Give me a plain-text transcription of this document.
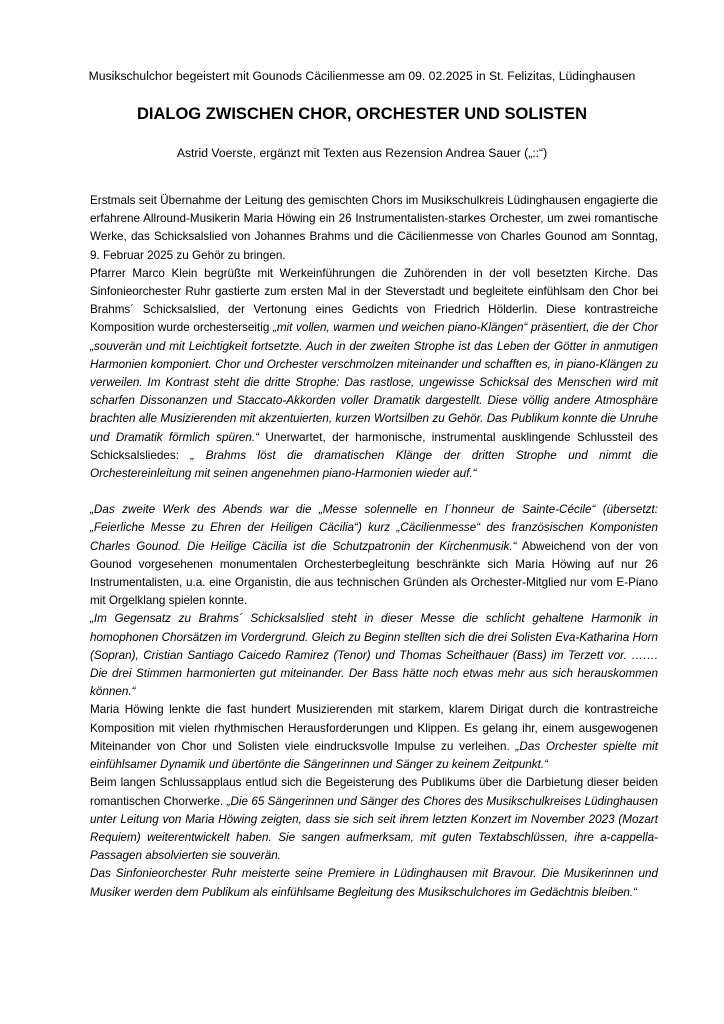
Musikschulchor begeistert mit Gounods Cäcilienmesse am 09. 02.2025 in St. Felizitas, Lüdinghausen
DIALOG ZWISCHEN CHOR, ORCHESTER UND SOLISTEN
Astrid Voerste, ergänzt mit Texten aus Rezension Andrea Sauer („::“)

Erstmals seit Übernahme der Leitung des gemischten Chors im Musikschulkreis Lüdinghausen engagierte die erfahrene Allround-Musikerin Maria Höwing ein 26 Instrumentalisten-starkes Orchester, um zwei romantische Werke, das Schicksalslied von Johannes Brahms und die Cäcilienmesse von Charles Gounod am Sonntag, 9. Februar 2025 zu Gehör zu bringen.

Pfarrer Marco Klein begrüßte mit Werkeinführungen die Zuhörenden in der voll besetzten Kirche. Das Sinfonieorchester Ruhr gastierte zum ersten Mal in der Steverstadt und begleitete einfühlsam den Chor bei Brahms´ Schicksalslied, der Vertonung eines Gedichts von Friedrich Hölderlin. Diese kontrastreiche Komposition wurde orchesterseitig „mit vollen, warmen und weichen piano-Klängen“ präsentiert, die der Chor „souverän und mit Leichtigkeit fortsetzte. Auch in der zweiten Strophe ist das Leben der Götter in anmutigen Harmonien komponiert. Chor und Orchester verschmolzen miteinander und schafften es, in piano-Klängen zu verweilen. Im Kontrast steht die dritte Strophe: Das rastlose, ungewisse Schicksal des Menschen wird mit scharfen Dissonanzen und Staccato-Akkorden voller Dramatik dargestellt. Diese völlig andere Atmosphäre brachten alle Musizierenden mit akzentuierten, kurzen Wortsilben zu Gehör. Das Publikum konnte die Unruhe und Dramatik förmlich spüren.“ Unerwartet, der harmonische, instrumental ausklingende Schlussteil des Schicksalsliedes: „ Brahms löst die dramatischen Klänge der dritten Strophe und nimmt die Orchestereinleitung mit seinen angenehmen piano-Harmonien wieder auf.“

„Das zweite Werk des Abends war die „Messe solennelle en l´honneur de Sainte-Cécile“ (übersetzt: „Feierliche Messe zu Ehren der Heiligen Cäcilia“) kurz „Cäcilienmesse“ des französischen Komponisten Charles Gounod. Die Heilige Cäcilia ist die Schutzpatronin der Kirchenmusik.“ Abweichend von der von Gounod vorgesehenen monumentalen Orchesterbegleitung beschränkte sich Maria Höwing auf nur 26 Instrumentalisten, u.a. eine Organistin, die aus technischen Gründen als Orchester-Mitglied nur vom E-Piano mit Orgelklang spielen konnte.

„Im Gegensatz zu Brahms´ Schicksalslied steht in dieser Messe die schlicht gehaltene Harmonik in homophonen Chorsätzen im Vordergrund. Gleich zu Beginn stellten sich die drei Solisten Eva-Katharina Horn (Sopran), Cristian Santiago Caicedo Ramirez (Tenor) und Thomas Scheithauer (Bass) im Terzett vor. ……. Die drei Stimmen harmonierten gut miteinander. Der Bass hätte noch etwas mehr aus sich herauskommen können.“

Maria Höwing lenkte die fast hundert Musizierenden mit starkem, klarem Dirigat durch die kontrastreiche Komposition mit vielen rhythmischen Herausforderungen und Klippen. Es gelang ihr, einem ausgewogenen Miteinander von Chor und Solisten viele eindrucksvolle Impulse zu verleihen. „Das Orchester spielte mit einfühlsamer Dynamik und übertönte die Sängerinnen und Sänger zu keinem Zeitpunkt.“

Beim langen Schlussapplaus entlud sich die Begeisterung des Publikums über die Darbietung dieser beiden romantischen Chorwerke. „Die 65 Sängerinnen und Sänger des Chores des Musikschulkreises Lüdinghausen unter Leitung von Maria Höwing zeigten, dass sie sich seit ihrem letzten Konzert im November 2023 (Mozart Requiem) weiterentwickelt haben. Sie sangen aufmerksam, mit guten Textabschlüssen, ihre a-cappella-Passagen absolvierten sie souverän.

Das Sinfonieorchester Ruhr meisterte seine Premiere in Lüdinghausen mit Bravour. Die Musikerinnen und Musiker werden dem Publikum als einfühlsame Begleitung des Musikschulchores im Gedächtnis bleiben.“
